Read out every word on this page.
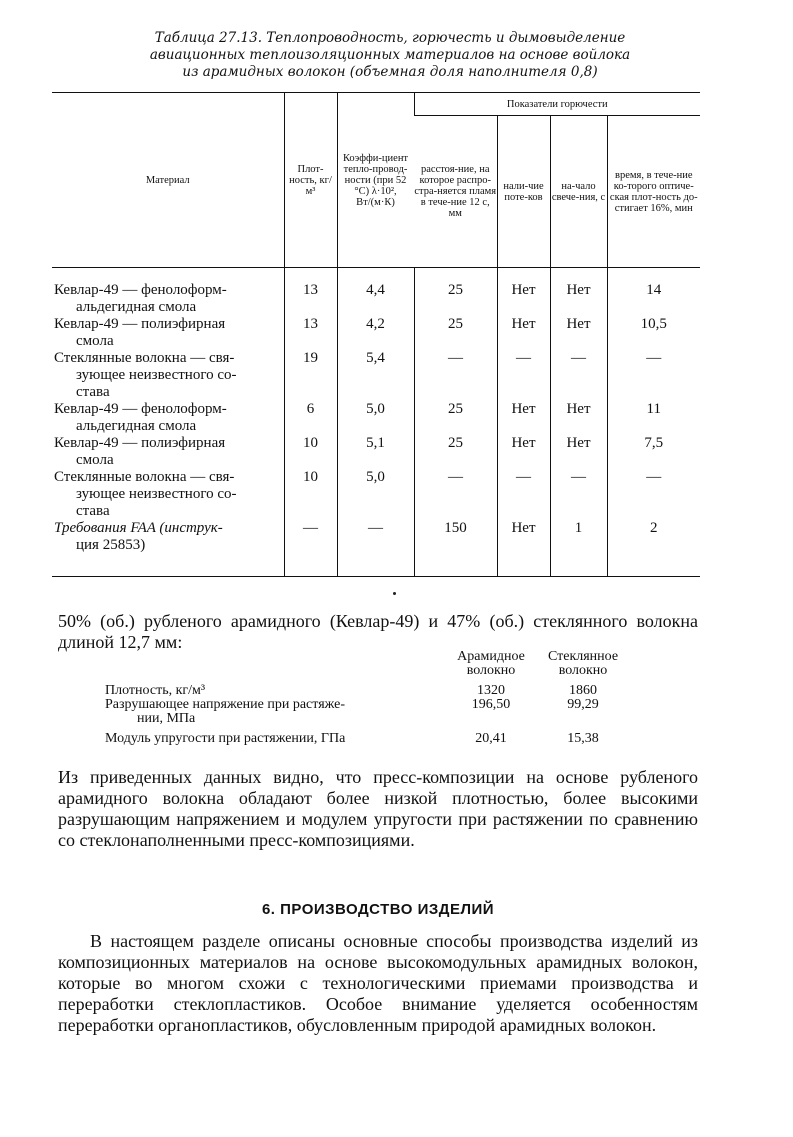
Таблица 27.13. Теплопроводность, горючесть и дымовыделение
авиационных теплоизоляционных материалов на основе войлока
из арамидных волокон (объемная доля наполнителя 0,8)

Материал	Плот-ность, кг/м³	Коэффи-циент тепло-провод-ности (при 52 °С) λ·10², Вт/(м·К)	Показатели горючести			
			расстоя-ние, на которое распро-стра-няется пламя в тече-ние 12 с, мм	нали-чие поте-ков	на-чало свече-ния, с	время, в тече-ние ко-торого оптиче-ская плот-ность до-стигает 16%, мин

Кевлар-49 — фенолоформ-
альдегидная смола	13	4,4	25	Нет	Нет	14

Кевлар-49 — полиэфирная
смола	13	4,2	25	Нет	Нет	10,5

Стеклянные волокна — свя-
зующее неизвестного со-
става	19	5,4	—	—	—	—

Кевлар-49 — фенолоформ-
альдегидная смола	6	5,0	25	Нет	Нет	11

Кевлар-49 — полиэфирная
смола	10	5,1	25	Нет	Нет	7,5

Стеклянные волокна — свя-
зующее неизвестного со-
става	10	5,0	—	—	—	—

Требования FAA (инструк-
ция 25853)	—	—	150	Нет	1	2

50% (об.) рубленого арамидного (Кевлар-49) и 47% (об.) стеклянного волокна длиной 12,7 мм:
	Арамидное волокно	Стеклянное волокно

Плотность, кг/м³	1320	1860
Разрушающее напряжение при растяже-
нии, МПа	196,50	99,29

Модуль упругости при растяжении, ГПа	20,41	15,38
Из приведенных данных видно, что пресс-композиции на основе рубленого арамидного волокна обладают более низкой плотностью, более высокими разрушающим напряжением и модулем упругости при растяжении по сравнению со стеклонаполненными пресс-композициями.
6. ПРОИЗВОДСТВО ИЗДЕЛИЙ
В настоящем разделе описаны основные способы производства изделий из композиционных материалов на основе высокомодульных арамидных волокон, которые во многом схожи с технологическими приемами производства и переработки стеклопластиков. Особое внимание уделяется особенностям переработки органопластиков, обусловленным природой арамидных волокон.
